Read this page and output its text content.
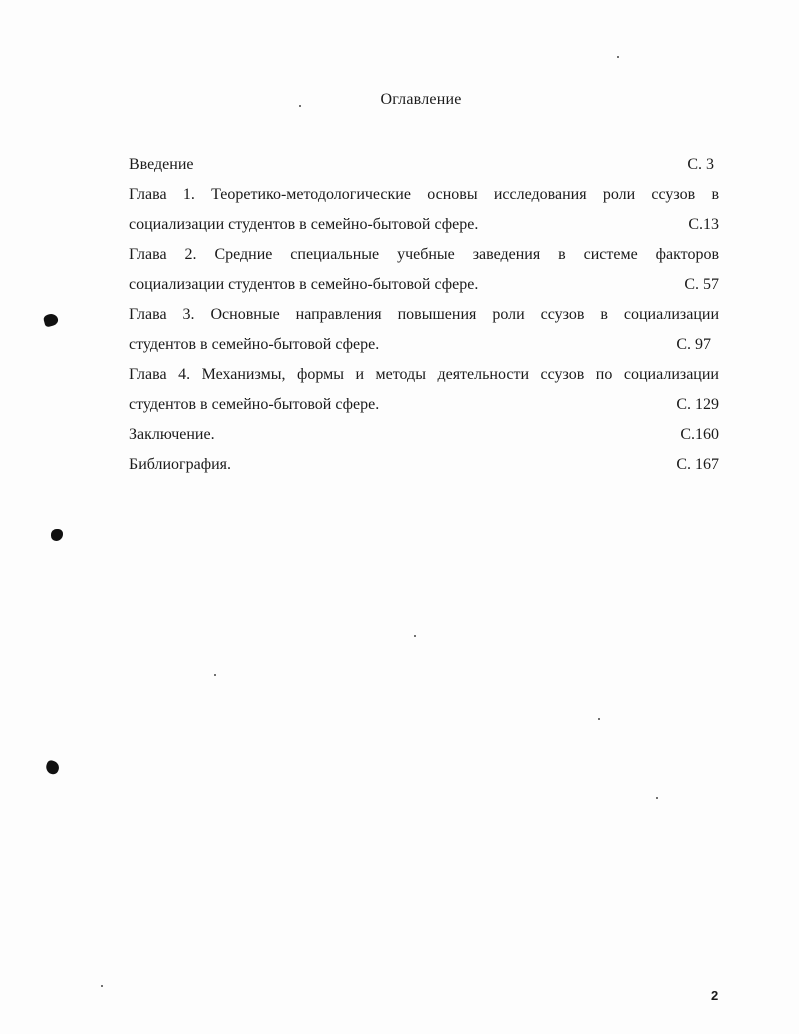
Оглавление
Введение	С. 3
Глава 1. Теоретико-методологические основы исследования роли ссузов в
социализации студентов в семейно-бытовой сфере.	С.13
Глава 2. Средние специальные учебные заведения в системе факторов
социализации студентов в семейно-бытовой сфере.	С. 57
Глава 3. Основные направления повышения роли ссузов в социализации
студентов в семейно-бытовой сфере.	С. 97
Глава 4. Механизмы, формы и методы деятельности ссузов по социализации
студентов в семейно-бытовой сфере.	С. 129
Заключение.	С.160
Библиография.	С. 167
2
